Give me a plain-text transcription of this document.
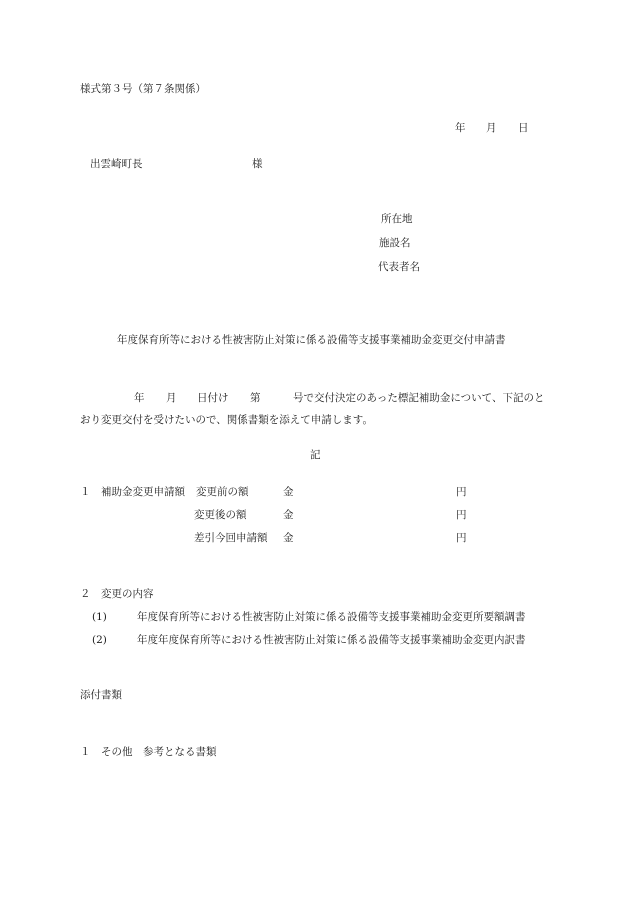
様式第３号（第７条関係）
年 月 日
出雲崎町長	様
所在地
施設名
代表者名
年度保育所等における性被害防止対策に係る設備等支援事業補助金変更交付申請書
年 月 日付け 第	号で交付決定のあった標記補助金について、下記のと
おり変更交付を受けたいので、関係書類を添えて申請します。
記
１　補助金変更申請額 変更前の額	金	円
変更後の額	金	円
差引今回申請額 金	円
２　変更の内容
(1)	年度保育所等における性被害防止対策に係る設備等支援事業補助金変更所要額調書
(2)	年度年度保育所等における性被害防止対策に係る設備等支援事業補助金変更内訳書
添付書類
１　その他　参考となる書類
